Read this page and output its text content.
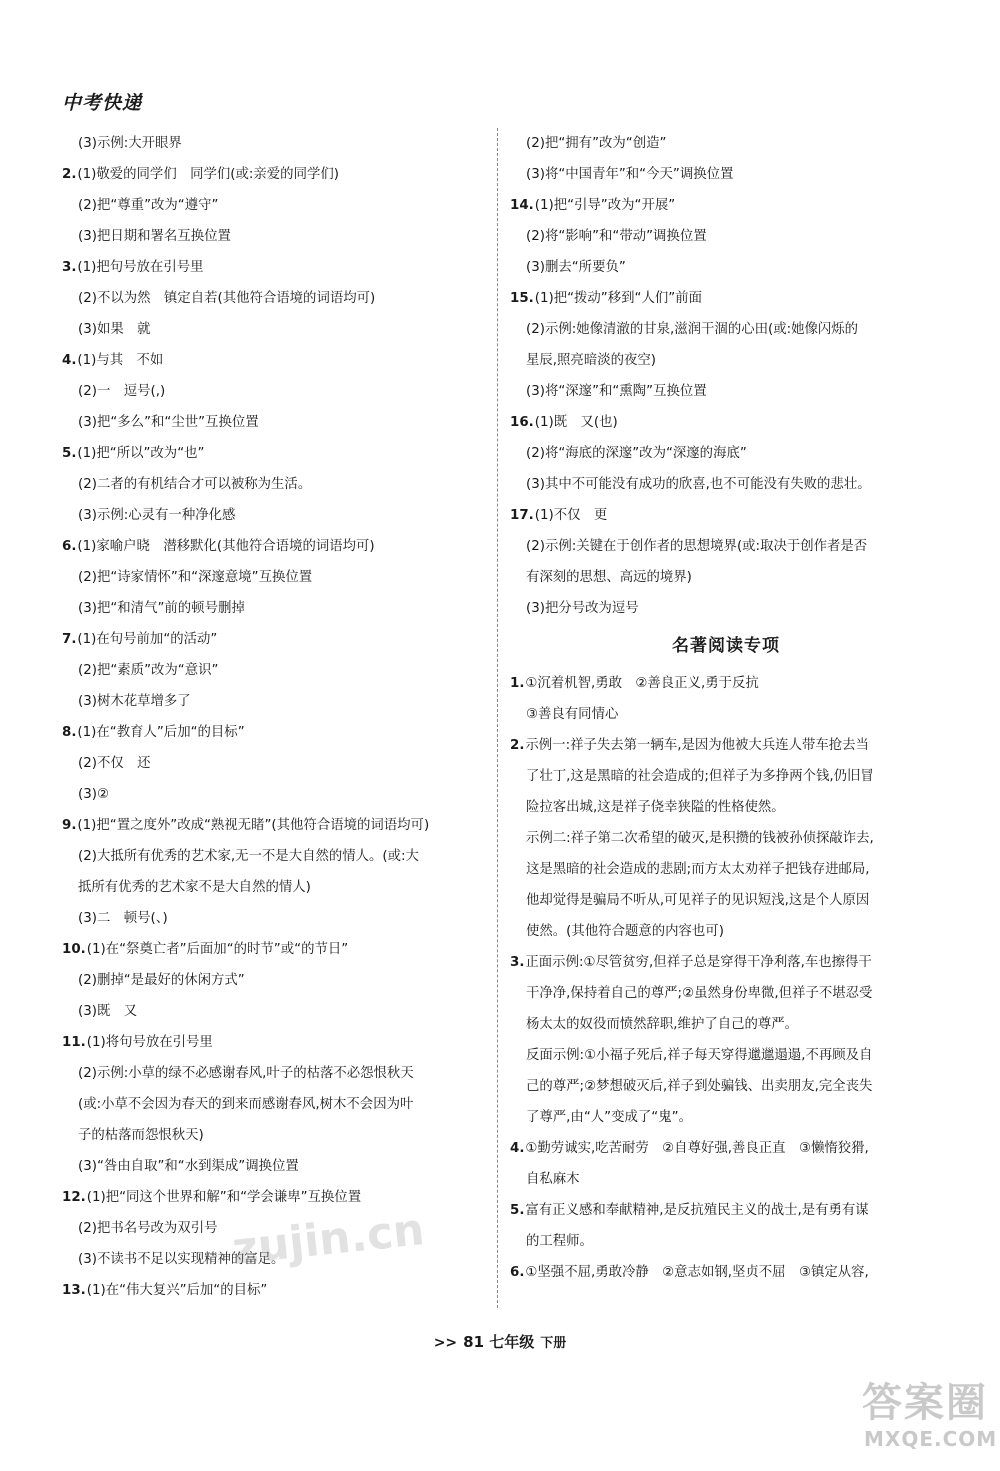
中考快递
(3)示例:大开眼界
2.(1)敬爱的同学们　同学们(或:亲爱的同学们)
(2)把“尊重”改为“遵守”
(3)把日期和署名互换位置
3.(1)把句号放在引号里
(2)不以为然　镇定自若(其他符合语境的词语均可)
(3)如果　就
4.(1)与其　不如
(2)一　逗号(,)
(3)把“多么”和“尘世”互换位置
5.(1)把“所以”改为“也”
(2)二者的有机结合才可以被称为生活。
(3)示例:心灵有一种净化感
6.(1)家喻户晓　潜移默化(其他符合语境的词语均可)
(2)把“诗家情怀”和“深邃意境”互换位置
(3)把“和清气”前的顿号删掉
7.(1)在句号前加“的活动”
(2)把“素质”改为“意识”
(3)树木花草增多了
8.(1)在“教育人”后加“的目标”
(2)不仅　还
(3)②
9.(1)把“置之度外”改成“熟视无睹”(其他符合语境的词语均可)
(2)大抵所有优秀的艺术家,无一不是大自然的情人。(或:大
抵所有优秀的艺术家不是大自然的情人)
(3)二　顿号(、)
10.(1)在“祭奠亡者”后面加“的时节”或“的节日”
(2)删掉“是最好的休闲方式”
(3)既　又
11.(1)将句号放在引号里
(2)示例:小草的绿不必感谢春风,叶子的枯落不必怨恨秋天
(或:小草不会因为春天的到来而感谢春风,树木不会因为叶
子的枯落而怨恨秋天)
(3)“咎由自取”和“水到渠成”调换位置
12.(1)把“同这个世界和解”和“学会谦卑”互换位置
(2)把书名号改为双引号
(3)不读书不足以实现精神的富足。
13.(1)在“伟大复兴”后加“的目标”
(2)把“拥有”改为“创造”
(3)将“中国青年”和“今天”调换位置
14.(1)把“引导”改为“开展”
(2)将“影响”和“带动”调换位置
(3)删去“所要负”
15.(1)把“拨动”移到“人们”前面
(2)示例:她像清澈的甘泉,滋润干涸的心田(或:她像闪烁的
星辰,照亮暗淡的夜空)
(3)将“深邃”和“熏陶”互换位置
16.(1)既　又(也)
(2)将“海底的深邃”改为“深邃的海底”
(3)其中不可能没有成功的欣喜,也不可能没有失败的悲壮。
17.(1)不仅　更
(2)示例:关键在于创作者的思想境界(或:取决于创作者是否
有深刻的思想、高远的境界)
(3)把分号改为逗号
名著阅读专项
1.①沉着机智,勇敢　②善良正义,勇于反抗
③善良有同情心
2.示例一:祥子失去第一辆车,是因为他被大兵连人带车抢去当
了壮丁,这是黑暗的社会造成的;但祥子为多挣两个钱,仍旧冒
险拉客出城,这是祥子侥幸狭隘的性格使然。
示例二:祥子第二次希望的破灭,是积攒的钱被孙侦探敲诈去,
这是黑暗的社会造成的悲剧;而方太太劝祥子把钱存进邮局,
他却觉得是骗局不听从,可见祥子的见识短浅,这是个人原因
使然。(其他符合题意的内容也可)
3.正面示例:①尽管贫穷,但祥子总是穿得干净利落,车也擦得干
干净净,保持着自己的尊严;②虽然身份卑微,但祥子不堪忍受
杨太太的奴役而愤然辞职,维护了自己的尊严。
反面示例:①小福子死后,祥子每天穿得邋邋遢遢,不再顾及自
己的尊严;②梦想破灭后,祥子到处骗钱、出卖朋友,完全丧失
了尊严,由“人”变成了“鬼”。
4.①勤劳诚实,吃苦耐劳　②自尊好强,善良正直　③懒惰狡猾,
自私麻木
5.富有正义感和奉献精神,是反抗殖民主义的战士,是有勇有谋
的工程师。
6.①坚强不屈,勇敢冷静　②意志如钢,坚贞不屈　③镇定从容,
>> 81 七年级 下册
zujin.cn
答案圈
MXQE.COM
